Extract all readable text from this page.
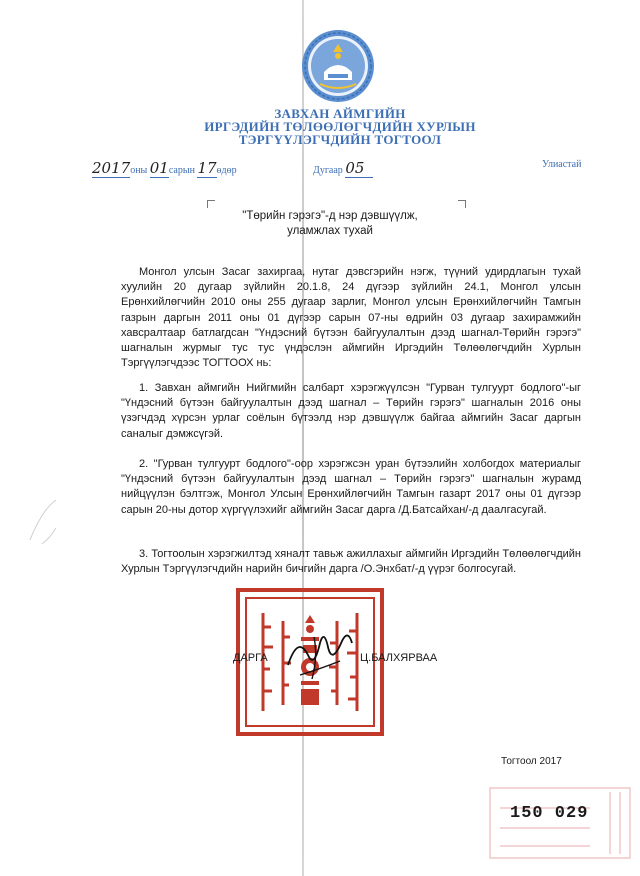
ЗАВХАН АЙМГИЙН
ИРГЭДИЙН ТӨЛӨӨЛӨГЧДИЙН ХУРЛЫН
ТЭРГҮҮЛЭГЧДИЙН ТОГТООЛ
2017оны 01сарын 17өдөр	Дугаар 05	Улиастай
"Төрийн гэрэгэ"-д нэр дэвшүүлж,
уламжлах тухай

Монгол улсын Засаг захиргаа, нутаг дэвсгэрийн нэгж, түүний удирдлагын тухай хуулийн 20 дугаар зүйлийн 20.1.8, 24 дүгээр зүйлийн 24.1, Монгол улсын Ерөнхийлөгчийн 2010 оны 255 дугаар зарлиг, Монгол улсын Ерөнхийлөгчийн Тамгын газрын даргын 2011 оны 01 дүгээр сарын 07-ны өдрийн 03 дугаар захирамжийн хавсралтаар батлагдсан "Үндэсний бүтээн байгуулалтын дээд шагнал-Төрийн гэрэгэ" шагналын журмыг тус тус үндэслэн аймгийн Иргэдийн Төлөөлөгчдийн Хурлын Тэргүүлэгчдээс ТОГТООХ нь:

1. Завхан аймгийн Нийгмийн салбарт хэрэгжүүлсэн "Гурван тулгуурт бодлого"-ыг "Үндэсний бүтээн байгуулалтын дээд шагнал – Төрийн гэрэгэ" шагналын 2016 оны үзэгчдэд хүрсэн урлаг соёлын бүтээлд нэр дэвшүүлж байгаа аймгийн Засаг даргын саналыг дэмжсүгэй.

2. "Гурван тулгуурт бодлого"-оор хэрэгжсэн уран бүтээлийн холбогдох материалыг "Үндэсний бүтээн байгуулалтын дээд шагнал – Төрийн гэрэгэ" шагналын журамд нийцүүлэн бэлтгэж, Монгол Улсын Ерөнхийлөгчийн Тамгын газарт 2017 оны 01 дүгээр сарын 20-ны дотор хүргүүлэхийг аймгийн Засаг дарга /Д.Батсайхан/-д даалгасугай.

3. Тогтоолын хэрэгжилтэд хяналт тавьж ажиллахыг аймгийн Иргэдийн Төлөөлөгчдийн Хурлын Тэргүүлэгчдийн нарийн бичгийн дарга /О.Энхбат/-д үүрэг болгосугай.

ДАРГА	Ц.БАЛХЯРВАА
Тогтоол 2017
150 029
